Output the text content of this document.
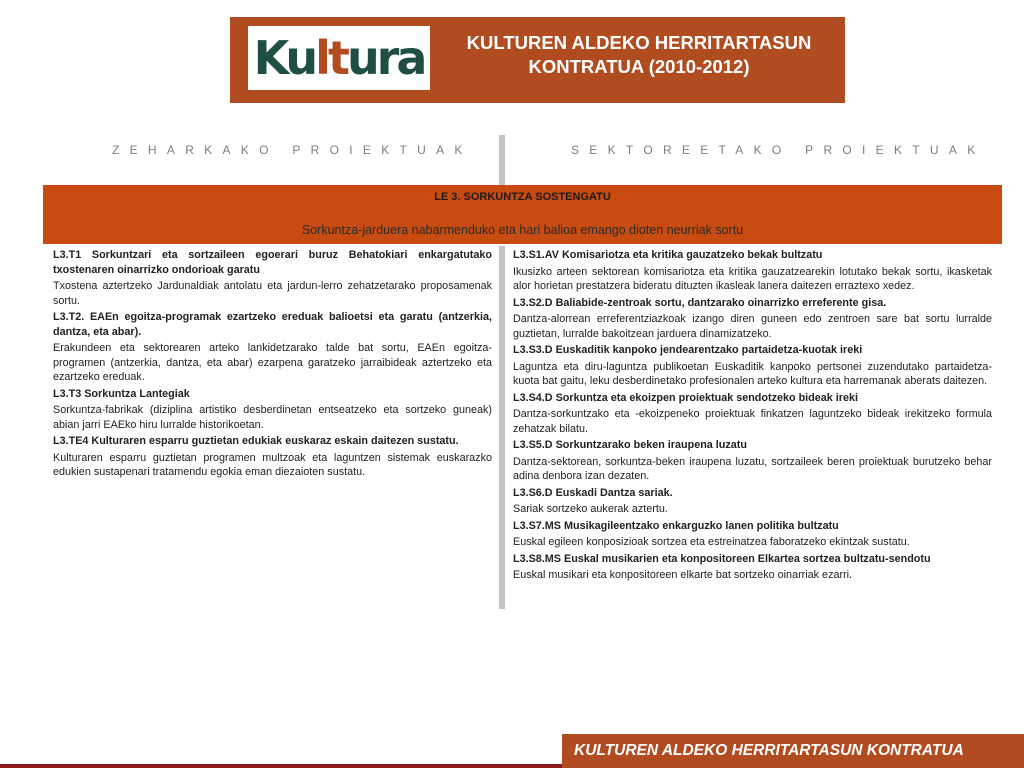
Kultura	KULTUREN ALDEKO HERRITARTASUN
KONTRATUA (2010-2012)
ZEHARKAKO PROIEKTUAK	SEKTOREETAKO PROIEKTUAK
LE 3. SORKUNTZA SOSTENGATU
Sorkuntza-jarduera nabarmenduko eta hari balioa emango dioten neurriak sortu

L3.T1 Sorkuntzari eta sortzaileen egoerari buruz Behatokiari enkargatutako txostenaren oinarrizko ondorioak garatu

Txostena aztertzeko Jardunaldiak antolatu eta jardun-lerro zehatzetarako proposamenak sortu.

L3.T2. EAEn egoitza-programak ezartzeko ereduak balioetsi eta garatu (antzerkia, dantza, eta abar).

Erakundeen eta sektorearen arteko lankidetzarako talde bat sortu, EAEn egoitza-programen (antzerkia, dantza, eta abar) ezarpena garatzeko jarraibideak aztertzeko eta ezartzeko ereduak.

L3.T3 Sorkuntza Lantegiak

Sorkuntza-fabrikak (diziplina artistiko desberdinetan entseatzeko eta sortzeko guneak) abian jarri EAEko hiru lurralde historikoetan.

L3.TE4 Kulturaren esparru guztietan edukiak euskaraz eskain daitezen sustatu.

Kulturaren esparru guztietan programen multzoak eta laguntzen sistemak euskarazko edukien sustapenari tratamendu egokia eman diezaioten sustatu.

L3.S1.AV Komisariotza eta kritika gauzatzeko bekak bultzatu

Ikusizko arteen sektorean komisariotza eta kritika gauzatzearekin lotutako bekak sortu, ikasketak alor horietan prestatzera bideratu dituzten ikasleak lanera daitezen erraztexo xedez.

L3.S2.D Baliabide-zentroak sortu, dantzarako oinarrizko erreferente gisa.

Dantza-alorrean erreferentziazkoak izango diren guneen edo zentroen sare bat sortu lurralde guztietan, lurralde bakoitzean jarduera dinamizatzeko.

L3.S3.D Euskaditik kanpoko jendearentzako partaidetza-kuotak ireki

Laguntza eta diru-laguntza publikoetan Euskaditik kanpoko pertsonei zuzendutako partaidetza-kuota bat gaitu, leku desberdinetako profesionalen arteko kultura eta harremanak aberats daitezen.

L3.S4.D Sorkuntza eta ekoizpen proiektuak sendotzeko bideak ireki

Dantza-sorkuntzako eta -ekoizpeneko proiektuak finkatzen laguntzeko bideak irekitzeko formula zehatzak bilatu.

L3.S5.D Sorkuntzarako beken iraupena luzatu

Dantza-sektorean, sorkuntza-beken iraupena luzatu, sortzaileek beren proiektuak burutzeko behar adina denbora izan dezaten.

L3.S6.D Euskadi Dantza sariak.

Sariak sortzeko aukerak aztertu.

L3.S7.MS Musikagileentzako enkarguzko lanen politika bultzatu

Euskal egileen konposizioak sortzea eta estreinatzea faboratzeko ekintzak sustatu.

L3.S8.MS Euskal musikarien eta konpositoreen Elkartea sortzea bultzatu-sendotu

Euskal musikari eta konpositoreen elkarte bat sortzeko oinarriak ezarri.

KULTUREN ALDEKO HERRITARTASUN KONTRATUA
